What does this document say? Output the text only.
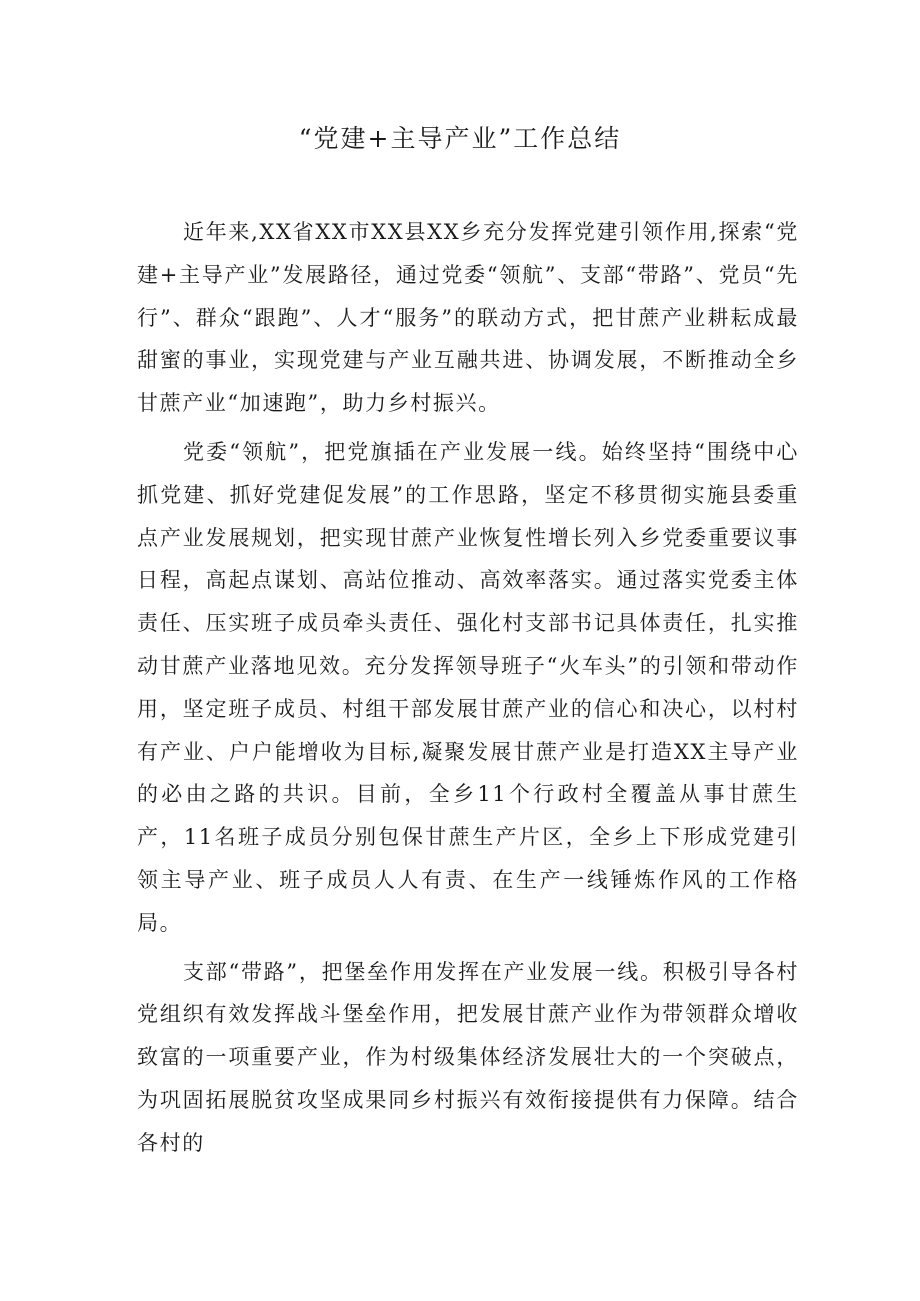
“党建+主导产业”工作总结

近年来,XX省XX市XX县XX乡充分发挥党建引领作用,探索“党建+主导产业”发展路径，通过党委“领航”、支部“带路”、党员“先行”、群众“跟跑”、人才“服务”的联动方式，把甘蔗产业耕耘成最甜蜜的事业，实现党建与产业互融共进、协调发展，不断推动全乡甘蔗产业“加速跑”，助力乡村振兴。

党委“领航”，把党旗插在产业发展一线。始终坚持“围绕中心抓党建、抓好党建促发展”的工作思路，坚定不移贯彻实施县委重点产业发展规划，把实现甘蔗产业恢复性增长列入乡党委重要议事日程，高起点谋划、高站位推动、高效率落实。通过落实党委主体责任、压实班子成员牵头责任、强化村支部书记具体责任，扎实推动甘蔗产业落地见效。充分发挥领导班子“火车头”的引领和带动作用，坚定班子成员、村组干部发展甘蔗产业的信心和决心，以村村有产业、户户能增收为目标,凝聚发展甘蔗产业是打造XX主导产业的必由之路的共识。目前，全乡11个行政村全覆盖从事甘蔗生产，11名班子成员分别包保甘蔗生产片区，全乡上下形成党建引领主导产业、班子成员人人有责、在生产一线锤炼作风的工作格局。

支部“带路”，把堡垒作用发挥在产业发展一线。积极引导各村党组织有效发挥战斗堡垒作用，把发展甘蔗产业作为带领群众增收致富的一项重要产业，作为村级集体经济发展壮大的一个突破点，为巩固拓展脱贫攻坚成果同乡村振兴有效衔接提供有力保障。结合各村的
